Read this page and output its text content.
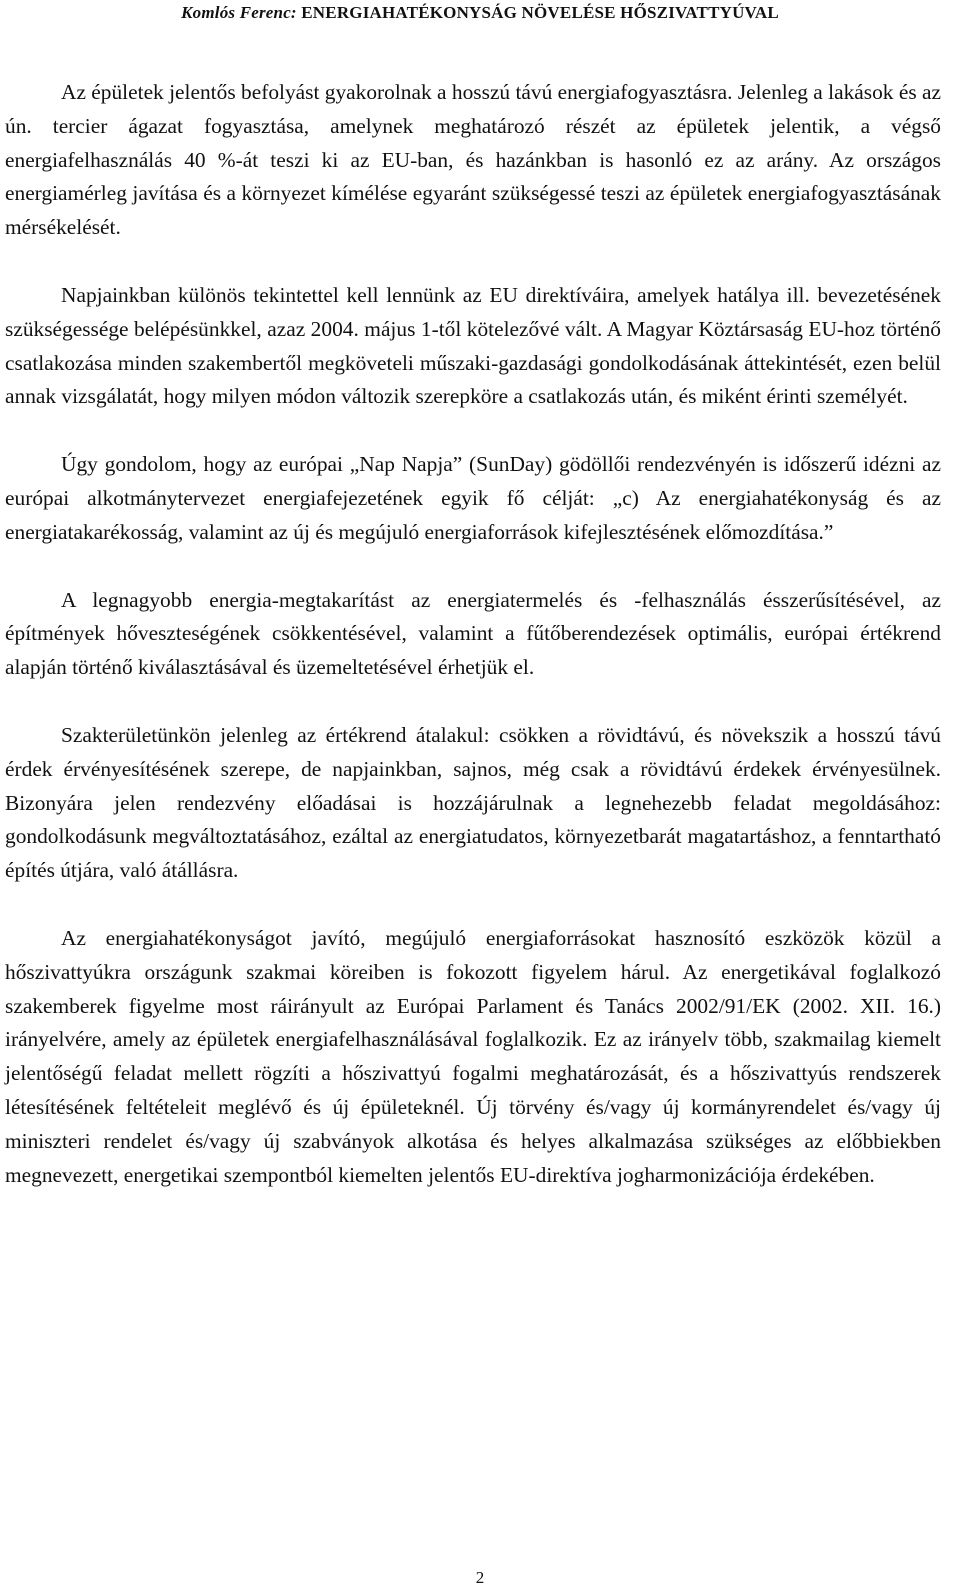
Komlós Ferenc: ENERGIAHATÉKONYSÁG NÖVELÉSE HŐSZIVATTYÚVAL

Az épületek jelentős befolyást gyakorolnak a hosszú távú energiafogyasztásra. Jelenleg a lakások és az ún. tercier ágazat fogyasztása, amelynek meghatározó részét az épületek jelentik, a végső energiafelhasználás 40 %-át teszi ki az EU-ban, és hazánkban is hasonló ez az arány. Az országos energiamérleg javítása és a környezet kímélése egyaránt szükségessé teszi az épületek energiafogyasztásának mérsékelését.

Napjainkban különös tekintettel kell lennünk az EU direktíváira, amelyek hatálya ill. bevezetésének szükségessége belépésünkkel, azaz 2004. május 1-től kötelezővé vált. A Magyar Köztársaság EU-hoz történő csatlakozása minden szakembertől megköveteli műszaki-gazdasági gondolkodásának áttekintését, ezen belül annak vizsgálatát, hogy milyen módon változik szerepköre a csatlakozás után, és miként érinti személyét.

Úgy gondolom, hogy az európai „Nap Napja” (SunDay) gödöllői rendezvényén is időszerű idézni az európai alkotmánytervezet energiafejezetének egyik fő célját: „c) Az energiahatékonyság és az energiatakarékosság, valamint az új és megújuló energiaforrások kifejlesztésének előmozdítása.”

A legnagyobb energia-megtakarítást az energiatermelés és -felhasználás ésszerűsítésével, az építmények hőveszteségének csökkentésével, valamint a fűtőberendezések optimális, európai értékrend alapján történő kiválasztásával és üzemeltetésével érhetjük el.

Szakterületünkön jelenleg az értékrend átalakul: csökken a rövidtávú, és növekszik a hosszú távú érdek érvényesítésének szerepe, de napjainkban, sajnos, még csak a rövidtávú érdekek érvényesülnek. Bizonyára jelen rendezvény előadásai is hozzájárulnak a legnehezebb feladat megoldásához: gondolkodásunk megváltoztatásához, ezáltal az energiatudatos, környezetbarát magatartáshoz, a fenntartható építés útjára, való átállásra.

Az energiahatékonyságot javító, megújuló energiaforrásokat hasznosító eszközök közül a hőszivattyúkra országunk szakmai köreiben is fokozott figyelem hárul. Az energetikával foglalkozó szakemberek figyelme most ráirányult az Európai Parlament és Tanács 2002/91/EK (2002. XII. 16.) irányelvére, amely az épületek energiafelhasználásával foglalkozik. Ez az irányelv több, szakmailag kiemelt jelentőségű feladat mellett rögzíti a hőszivattyú fogalmi meghatározását, és a hőszivattyús rendszerek létesítésének feltételeit meglévő és új épületeknél. Új törvény és/vagy új kormányrendelet és/vagy új miniszteri rendelet és/vagy új szabványok alkotása és helyes alkalmazása szükséges az előbbiekben megnevezett, energetikai szempontból kiemelten jelentős EU-direktíva jogharmonizációja érdekében.

2
